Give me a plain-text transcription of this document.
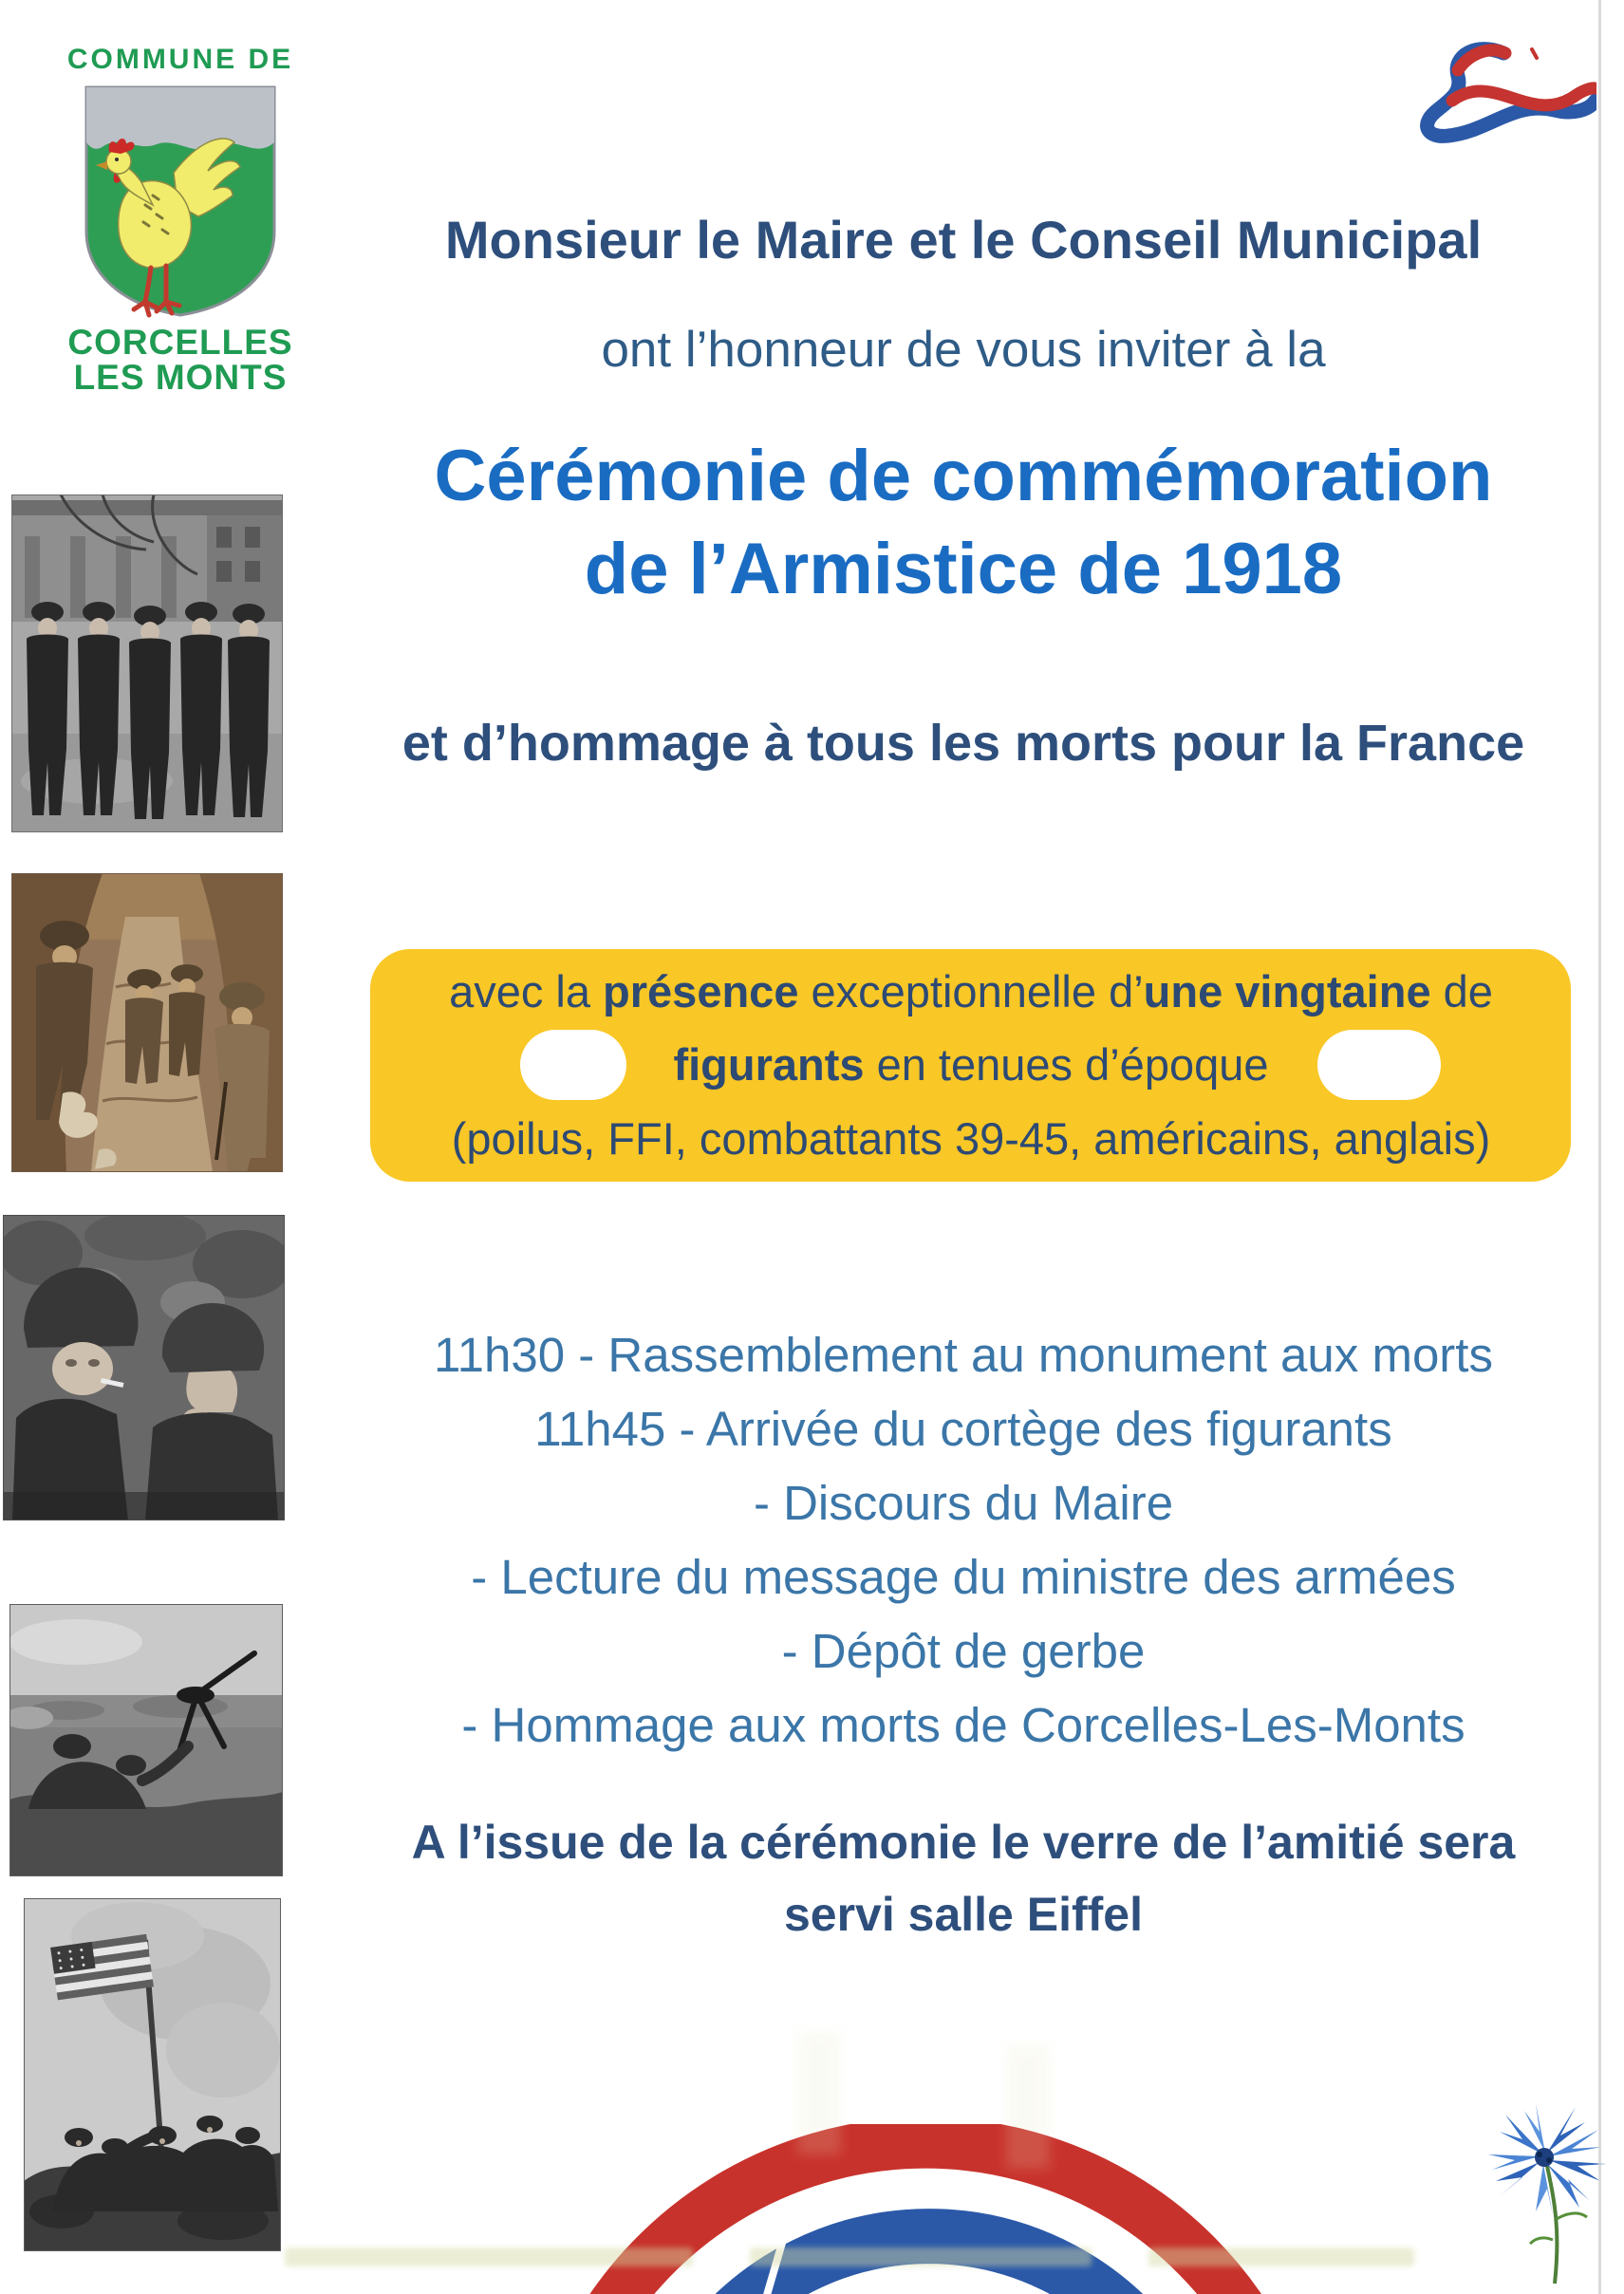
COMMUNE DE
CORCELLES
LES MONTS
Monsieur le Maire et le Conseil Municipal
ont l’honneur de vous inviter à la
Cérémonie de commémoration
de l’Armistice de 1918
et d’hommage à tous les morts pour la France
avec la présence exceptionnelle d’une vingtaine de
figurants en tenues d’époque
(poilus, FFI, combattants 39-45, américains, anglais)
11h30 - Rassemblement au monument aux morts
11h45 - Arrivée du cortège des figurants
- Discours du Maire
- Lecture du message du ministre des armées
- Dépôt de gerbe
- Hommage aux morts de Corcelles-Les-Monts
A l’issue de la cérémonie le verre de l’amitié sera
servi salle Eiffel
